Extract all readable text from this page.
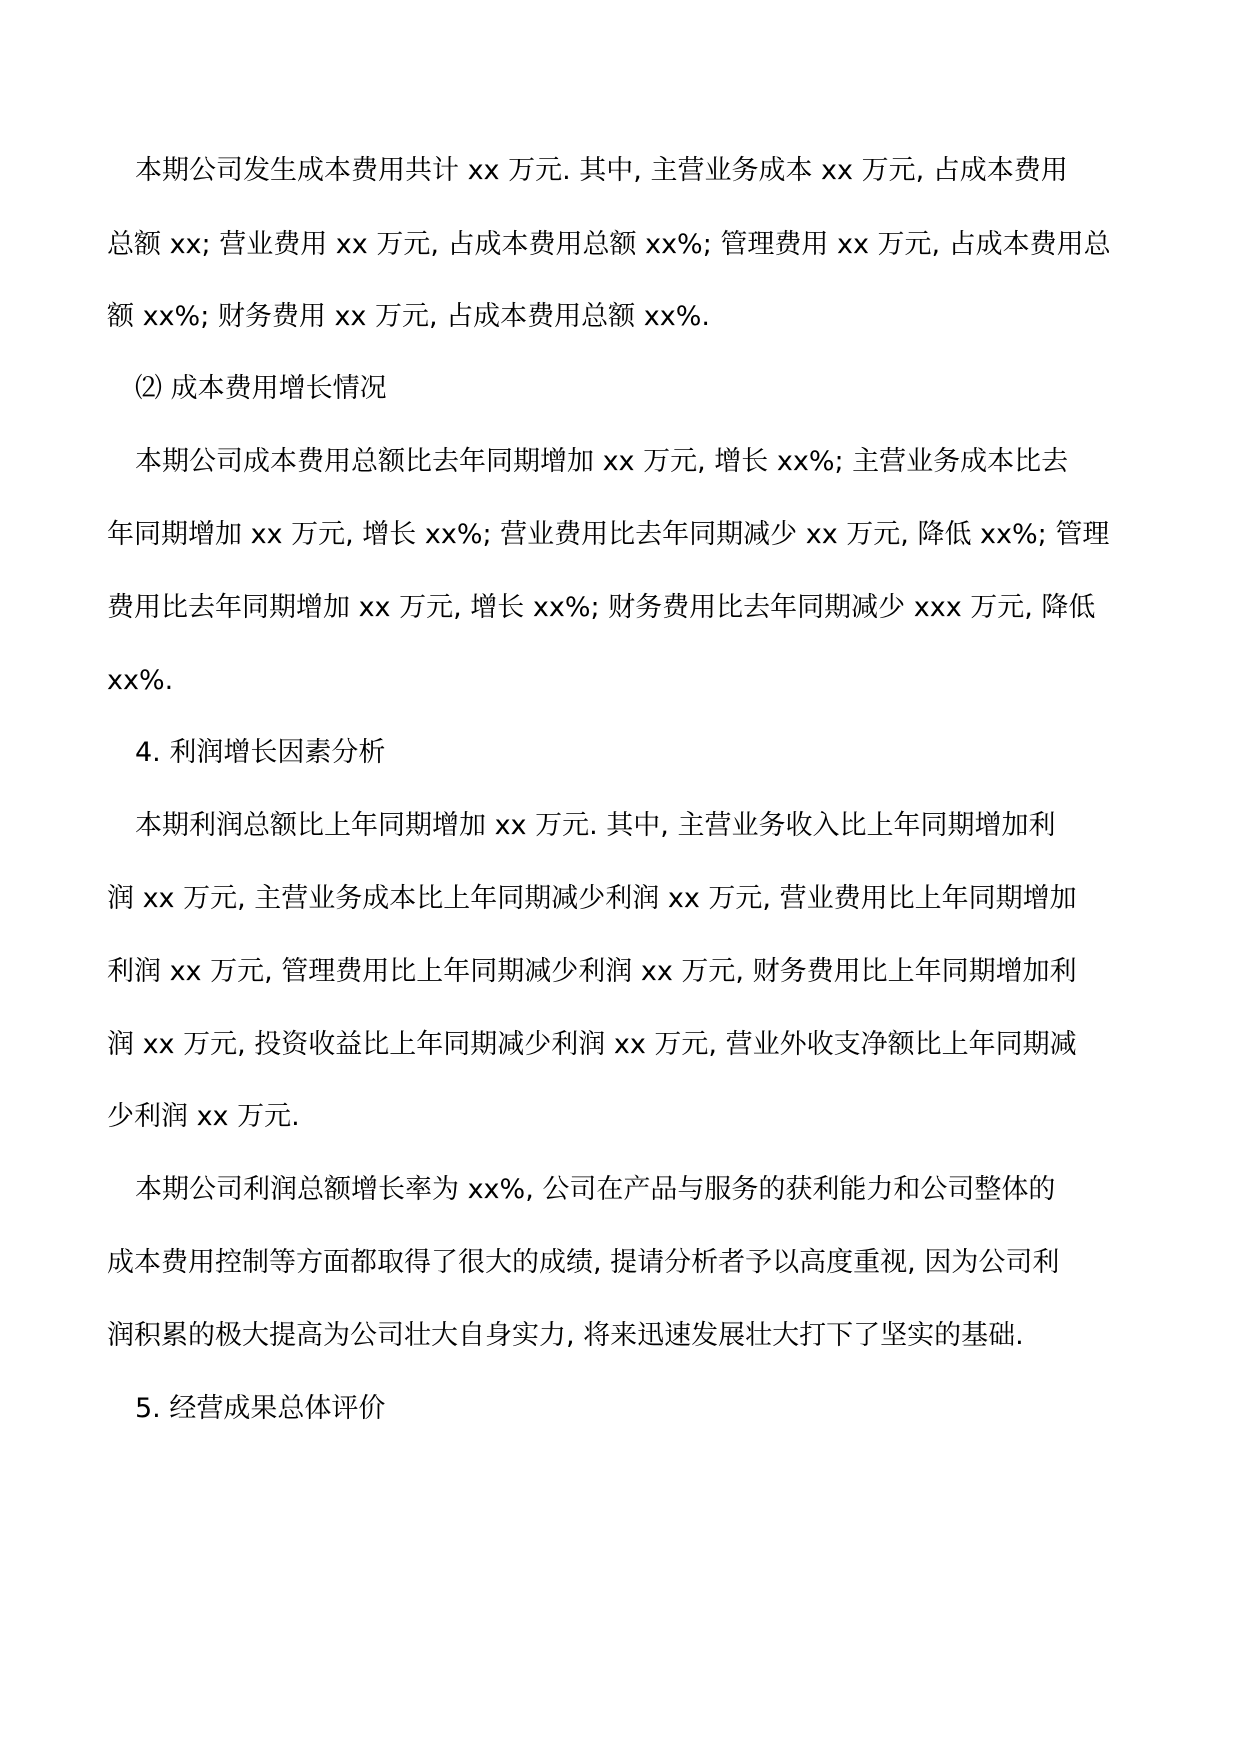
本期公司发生成本费用共计 xx 万元. 其中, 主营业务成本 xx 万元, 占成本费用
总额 xx; 营业费用 xx 万元, 占成本费用总额 xx%; 管理费用 xx 万元, 占成本费用总
额 xx%; 财务费用 xx 万元, 占成本费用总额 xx%.
⑵ 成本费用增长情况
本期公司成本费用总额比去年同期增加 xx 万元, 增长 xx%; 主营业务成本比去
年同期增加 xx 万元, 增长 xx%; 营业费用比去年同期减少 xx 万元, 降低 xx%; 管理
费用比去年同期增加 xx 万元, 增长 xx%; 财务费用比去年同期减少 xxx 万元, 降低
xx%.
4. 利润增长因素分析
本期利润总额比上年同期增加 xx 万元. 其中, 主营业务收入比上年同期增加利
润 xx 万元, 主营业务成本比上年同期减少利润 xx 万元, 营业费用比上年同期增加
利润 xx 万元, 管理费用比上年同期减少利润 xx 万元, 财务费用比上年同期增加利
润 xx 万元, 投资收益比上年同期减少利润 xx 万元, 营业外收支净额比上年同期减
少利润 xx 万元.
本期公司利润总额增长率为 xx%, 公司在产品与服务的获利能力和公司整体的
成本费用控制等方面都取得了很大的成绩, 提请分析者予以高度重视, 因为公司利
润积累的极大提高为公司壮大自身实力, 将来迅速发展壮大打下了坚实的基础.
5. 经营成果总体评价
